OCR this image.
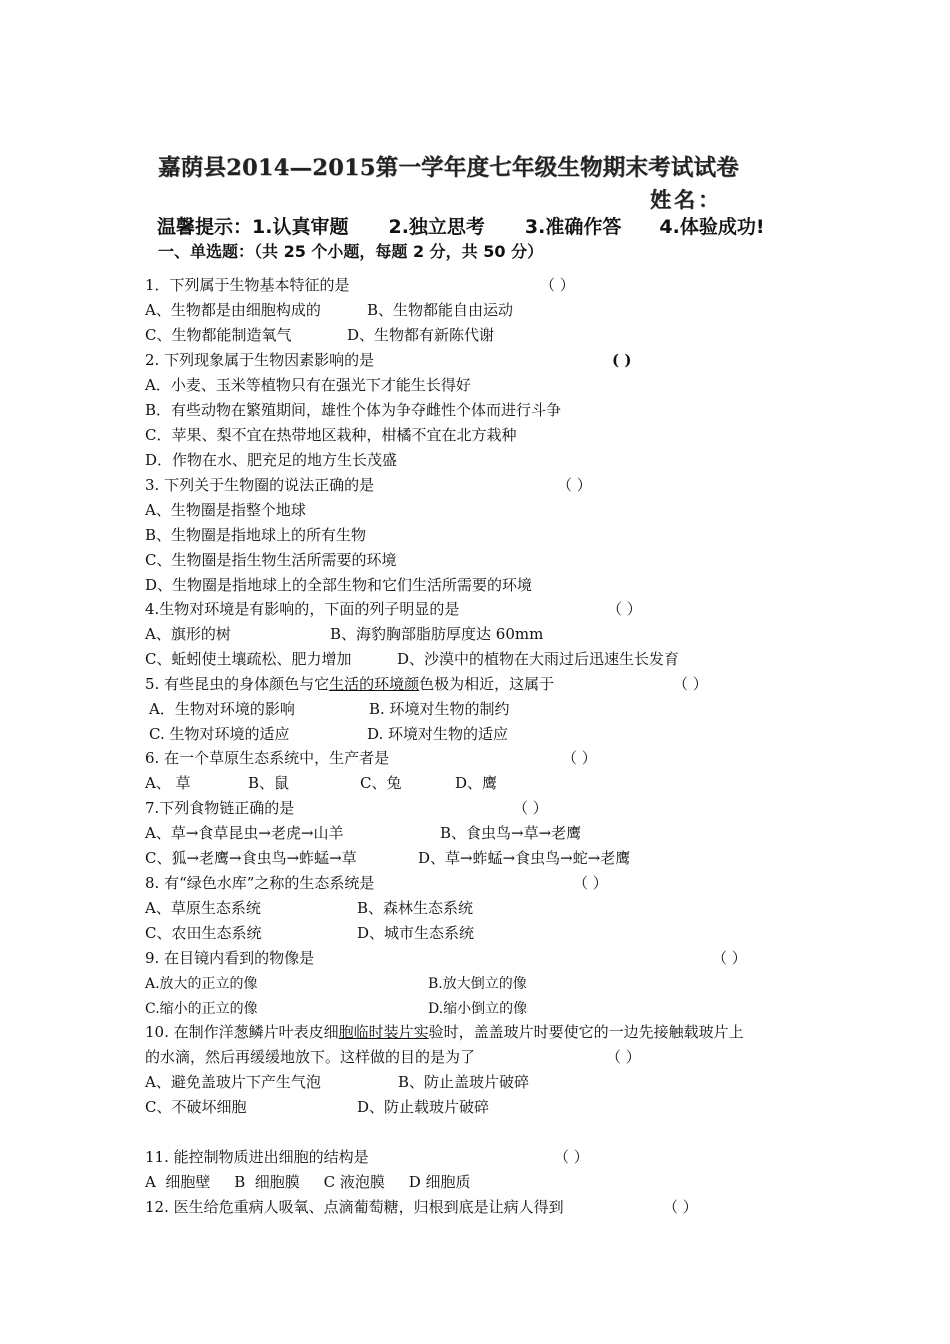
嘉荫县2014—2015第一学年度七年级生物期末考试试卷
姓名：
温馨提示：1.认真审题 2.独立思考 3.准确作答 4.体验成功!
一、单选题：（共 25 个小题，每题 2 分，共 50 分）
1．下列属于生物基本特征的是	（ ）
A、生物都是由细胞构成的	B、生物都能自由运动
C、生物都能制造氧气	D、生物都有新陈代谢
2. 下列现象属于生物因素影响的是	( )
A．小麦、玉米等植物只有在强光下才能生长得好
B．有些动物在繁殖期间，雄性个体为争夺雌性个体而进行斗争
C．苹果、梨不宜在热带地区栽种，柑橘不宜在北方栽种
D．作物在水、肥充足的地方生长茂盛
3. 下列关于生物圈的说法正确的是	（ ）
A、生物圈是指整个地球
B、生物圈是指地球上的所有生物
C、生物圈是指生物生活所需要的环境
D、生物圈是指地球上的全部生物和它们生活所需要的环境
4.生物对环境是有影响的，下面的列子明显的是	（ ）
A、旗形的树	B、海豹胸部脂肪厚度达 60mm
C、蚯蚓使土壤疏松、肥力增加	D、沙漠中的植物在大雨过后迅速生长发育
5. 有些昆虫的身体颜色与它生活的环境颜色极为相近，这属于	（ ）
A．生物对环境的影响	B. 环境对生物的制约
C. 生物对环境的适应	D. 环境对生物的适应
6. 在一个草原生态系统中，生产者是	（ ）
A、 草	B、鼠	C、兔	D、鹰
7.下列食物链正确的是	（ ）
A、草→食草昆虫→老虎→山羊	B、食虫鸟→草→老鹰
C、狐→老鹰→食虫鸟→蚱蜢→草	D、草→蚱蜢→食虫鸟→蛇→老鹰
8. 有“绿色水库”之称的生态系统是	（ ）
A、草原生态系统	B、森林生态系统
C、农田生态系统	D、城市生态系统
9. 在目镜内看到的物像是	（ ）
A.放大的正立的像	B.放大倒立的像
C.缩小的正立的像	D.缩小倒立的像
10. 在制作洋葱鳞片叶表皮细胞临时装片实验时，盖盖玻片时要使它的一边先接触载玻片上
的水滴，然后再缓缓地放下。这样做的目的是为了	（ ）
A、避免盖玻片下产生气泡	B、防止盖玻片破碎
C、不破坏细胞	D、防止载玻片破碎
11. 能控制物质进出细胞的结构是	（ ）
A  细胞壁     B  细胞膜     C 液泡膜     D 细胞质
12. 医生给危重病人吸氧、点滴葡萄糖，归根到底是让病人得到	（ ）
